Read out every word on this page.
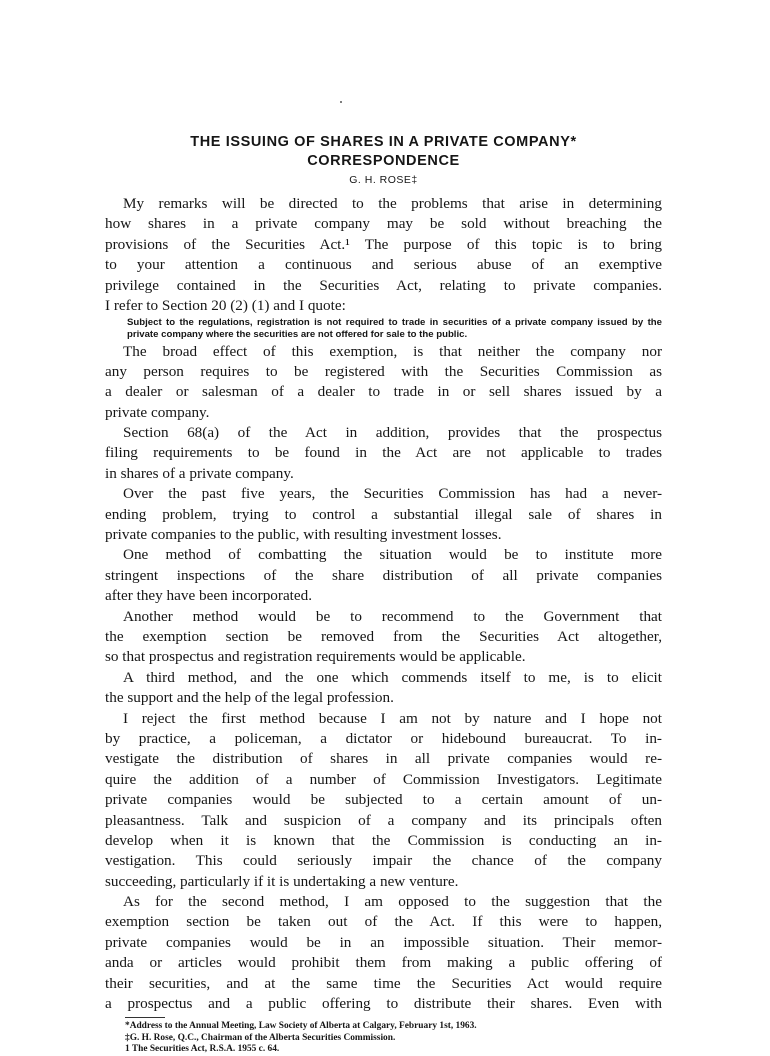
THE ISSUING OF SHARES IN A PRIVATE COMPANY*
CORRESPONDENCE
G. H. ROSE‡
My remarks will be directed to the problems that arise in determining
how shares in a private company may be sold without breaching the
provisions of the Securities Act.¹ The purpose of this topic is to bring
to your attention a continuous and serious abuse of an exemptive
privilege contained in the Securities Act, relating to private companies.
I refer to Section 20 (2) (1) and I quote:
Subject to the regulations, registration is not required to trade in securities of a private company issued by the private company where the securities are not offered for sale to the public.
The broad effect of this exemption, is that neither the company nor
any person requires to be registered with the Securities Commission as
a dealer or salesman of a dealer to trade in or sell shares issued by a
private company.
Section 68(a) of the Act in addition, provides that the prospectus
filing requirements to be found in the Act are not applicable to trades
in shares of a private company.
Over the past five years, the Securities Commission has had a never-
ending problem, trying to control a substantial illegal sale of shares in
private companies to the public, with resulting investment losses.
One method of combatting the situation would be to institute more
stringent inspections of the share distribution of all private companies
after they have been incorporated.
Another method would be to recommend to the Government that
the exemption section be removed from the Securities Act altogether,
so that prospectus and registration requirements would be applicable.
A third method, and the one which commends itself to me, is to elicit
the support and the help of the legal profession.
I reject the first method because I am not by nature and I hope not
by practice, a policeman, a dictator or hidebound bureaucrat. To in-
vestigate the distribution of shares in all private companies would re-
quire the addition of a number of Commission Investigators. Legitimate
private companies would be subjected to a certain amount of un-
pleasantness. Talk and suspicion of a company and its principals often
develop when it is known that the Commission is conducting an in-
vestigation. This could seriously impair the chance of the company
succeeding, particularly if it is undertaking a new venture.
As for the second method, I am opposed to the suggestion that the
exemption section be taken out of the Act. If this were to happen,
private companies would be in an impossible situation. Their memor-
anda or articles would prohibit them from making a public offering of
their securities, and at the same time the Securities Act would require
a prospectus and a public offering to distribute their shares. Even with
*Address to the Annual Meeting, Law Society of Alberta at Calgary, February 1st, 1963.
‡G. H. Rose, Q.C., Chairman of the Alberta Securities Commission.
1 The Securities Act, R.S.A. 1955 c. 64.
